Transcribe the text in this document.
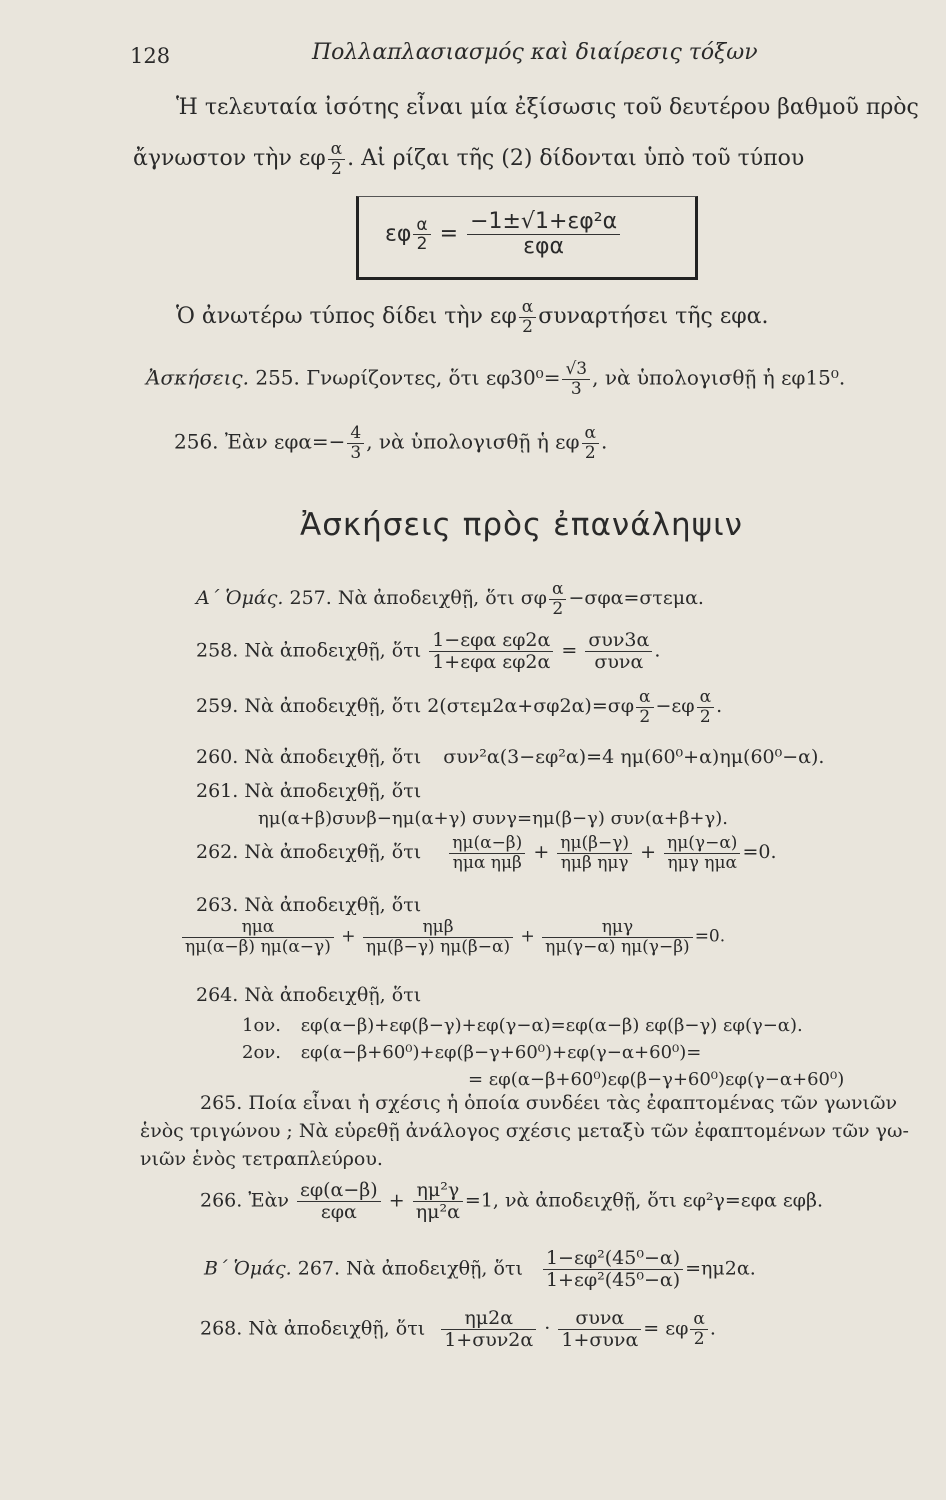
128	Πολλαπλασιασμός καὶ διαίρεσις τόξων
Ἡ τελευταία ἰσότης εἶναι μία ἐξίσωσις τοῦ δευτέρου βαθμοῦ πρὸς
ἄγνωστον τὴν εφ $\frac{\alpha}{2}$ . Αἱ ρίζαι τῆς (2) δίδονται ὑπὸ τοῦ τύπου
εφ $\frac{\alpha}{2}$ =
−1±√1+εφ²α
εφα
Ὁ ἀνωτέρω τύπος δίδει τὴν εφ $\frac{\alpha}{2}$ συναρτήσει τῆς εφα.
Ἀσκήσεις. 255. Γνωρίζοντες, ὅτι $\varepsilon\varphi 30^0= \frac{√3}{3}$ , νὰ ὑπολογισθῇ ἡ εφ15⁰.
256. Ἐὰν $\varepsilon\varphi\alpha=- \frac{4}{3}$ , νὰ ὑπολογισθῇ ἡ εφ $\frac{\alpha}{2}$ .
Ἀσκήσεις πρὸς ἐπανάληψιν
Α΄ Ὁμάς. 257. Νὰ ἀποδειχθῇ, ὅτι σφ $\frac{\alpha}{2} -\sigma\varphi\alpha=\sigma\tau\varepsilon\mu\alpha$.
258. Νὰ ἀποδειχθῇ, ὅτι 1−εφα εφ2α
1+εφα εφ2α
= συν3α
συνα
.
259. Νὰ ἀποδειχθῇ, ὅτι $2(\sigma\tau\varepsilon\mu 2\alpha+\sigma\varphi 2\alpha)=\sigma\varphi \frac{\alpha}{2} -\varepsilon\varphi \frac{\alpha}{2}$ .
260. Νὰ ἀποδειχθῇ, ὅτι συν²α(3−εφ²α)=4 ημ(60⁰+α)ημ(60⁰−α).
261. Νὰ ἀποδειχθῇ, ὅτι
ημ(α+β)συνβ−ημ(α+γ) συνγ=ημ(β−γ) συν(α+β+γ).
262. Νὰ ἀποδειχθῇ, ὅτι ημ(α−β)
ημα ημβ + ημ(β−γ)
ημβ ημγ + ημ(γ−α)
ημγ ημα =0.
263. Νὰ ἀποδειχθῇ, ὅτι
ημα
ημ(α−β) ημ(α−γ) +	ημβ
ημ(β−γ) ημ(β−α) +	ημγ
ημ(γ−α) ημ(γ−β) =0.
264. Νὰ ἀποδειχθῇ, ὅτι
1ον. εφ(α−β)+εφ(β−γ)+εφ(γ−α)=εφ(α−β) εφ(β−γ) εφ(γ−α).
2ον. εφ(α−β+60⁰)+εφ(β−γ+60⁰)+εφ(γ−α+60⁰)=
= εφ(α−β+60⁰)εφ(β−γ+60⁰)εφ(γ−α+60⁰)
265. Ποία εἶναι ἡ σχέσις ἡ ὁποία συνδέει τὰς ἐφαπτομένας τῶν γωνιῶν
ἑνὸς τριγώνου ; Νὰ εὑρεθῇ ἀνάλογος σχέσις μεταξὺ τῶν ἐφαπτομένων τῶν γω-
νιῶν ἑνὸς τετραπλεύρου.
266. Ἐὰν εφ(α−β)
εφα
+ $\frac{\text{ημ²γ}}{\text{ημ²α}} =1$, νὰ ἀποδειχθῇ, ὅτι εφ²γ=εφα εφβ.
Β΄ Ὁμάς. 267. Νὰ ἀποδειχθῇ, ὅτι $\frac{\text{1−εφ²(45⁰−α)}}{\text{1+εφ²(45⁰−α)}} =\eta\mu 2\alpha$.
268. Νὰ ἀποδειχθῇ, ὅτι	ημ2α
1+συν2α
·	συνα
1+συνα
= εφ $\frac{\alpha}{2}$ .
